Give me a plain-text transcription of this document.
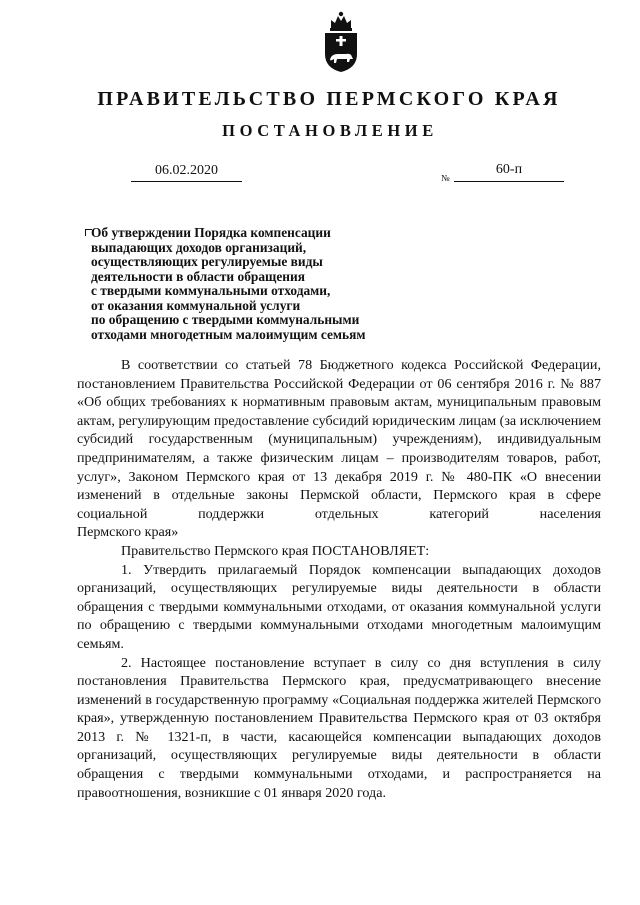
ПРАВИТЕЛЬСТВО ПЕРМСКОГО КРАЯ
ПОСТАНОВЛЕНИЕ
06.02.2020	№
60-п
Об утверждении Порядка компенсации
выпадающих доходов организаций,
осуществляющих регулируемые виды
деятельности в области обращения
с твердыми коммунальными отходами,
от оказания коммунальной услуги
по обращению с твердыми коммунальными
отходами многодетным малоимущим семьям

В соответствии со статьей 78 Бюджетного кодекса Российской Федерации, постановлением Правительства Российской Федерации от 06 сентября 2016 г. № 887 «Об общих требованиях к нормативным правовым актам, муниципальным правовым актам, регулирующим предоставление субсидий юридическим лицам (за исключением субсидий государственным (муниципальным) учреждениям), индивидуальным предпринимателям, а также физическим лицам – производителям товаров, работ, услуг», Законом Пермского края от 13 декабря 2019 г. № 480-ПК «О внесении изменений в отдельные законы Пермской области, Пермского края в сфере социальной поддержки отдельных категорий населения

Пермского края»

Правительство Пермского края ПОСТАНОВЛЯЕТ:

1. Утвердить прилагаемый Порядок компенсации выпадающих доходов организаций, осуществляющих регулируемые виды деятельности в области обращения с твердыми коммунальными отходами, от оказания коммунальной услуги по обращению с твердыми коммунальными отходами многодетным малоимущим семьям.

2. Настоящее постановление вступает в силу со дня вступления в силу постановления Правительства Пермского края, предусматривающего внесение изменений в государственную программу «Социальная поддержка жителей Пермского края», утвержденную постановлением Правительства Пермского края от 03 октября 2013 г. № 1321-п, в части, касающейся компенсации выпадающих доходов организаций, осуществляющих регулируемые виды деятельности в области обращения с твердыми коммунальными отходами, и распространяется на правоотношения, возникшие с 01 января 2020 года.
